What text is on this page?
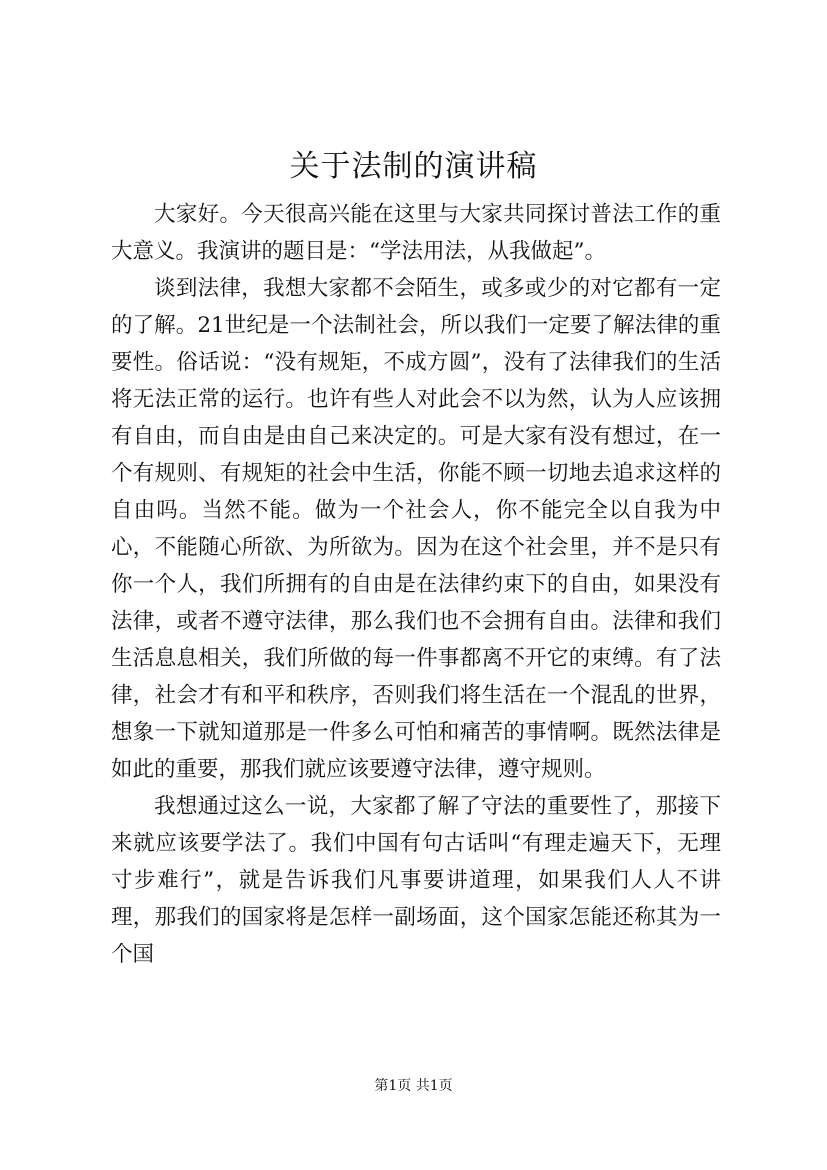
关于法制的演讲稿

大家好。今天很高兴能在这里与大家共同探讨普法工作的重大意义。我演讲的题目是：“学法用法，从我做起”。

谈到法律，我想大家都不会陌生，或多或少的对它都有一定的了解。21世纪是一个法制社会，所以我们一定要了解法律的重要性。俗话说：“没有规矩，不成方圆”，没有了法律我们的生活将无法正常的运行。也许有些人对此会不以为然，认为人应该拥有自由，而自由是由自己来决定的。可是大家有没有想过，在一个有规则、有规矩的社会中生活，你能不顾一切地去追求这样的自由吗。当然不能。做为一个社会人，你不能完全以自我为中心，不能随心所欲、为所欲为。因为在这个社会里，并不是只有你一个人，我们所拥有的自由是在法律约束下的自由，如果没有法律，或者不遵守法律，那么我们也不会拥有自由。法律和我们生活息息相关，我们所做的每一件事都离不开它的束缚。有了法律，社会才有和平和秩序，否则我们将生活在一个混乱的世界，想象一下就知道那是一件多么可怕和痛苦的事情啊。既然法律是如此的重要，那我们就应该要遵守法律，遵守规则。

我想通过这么一说，大家都了解了守法的重要性了，那接下来就应该要学法了。我们中国有句古话叫“有理走遍天下，无理寸步难行”，就是告诉我们凡事要讲道理，如果我们人人不讲理，那我们的国家将是怎样一副场面，这个国家怎能还称其为一个国

第1页 共1页
